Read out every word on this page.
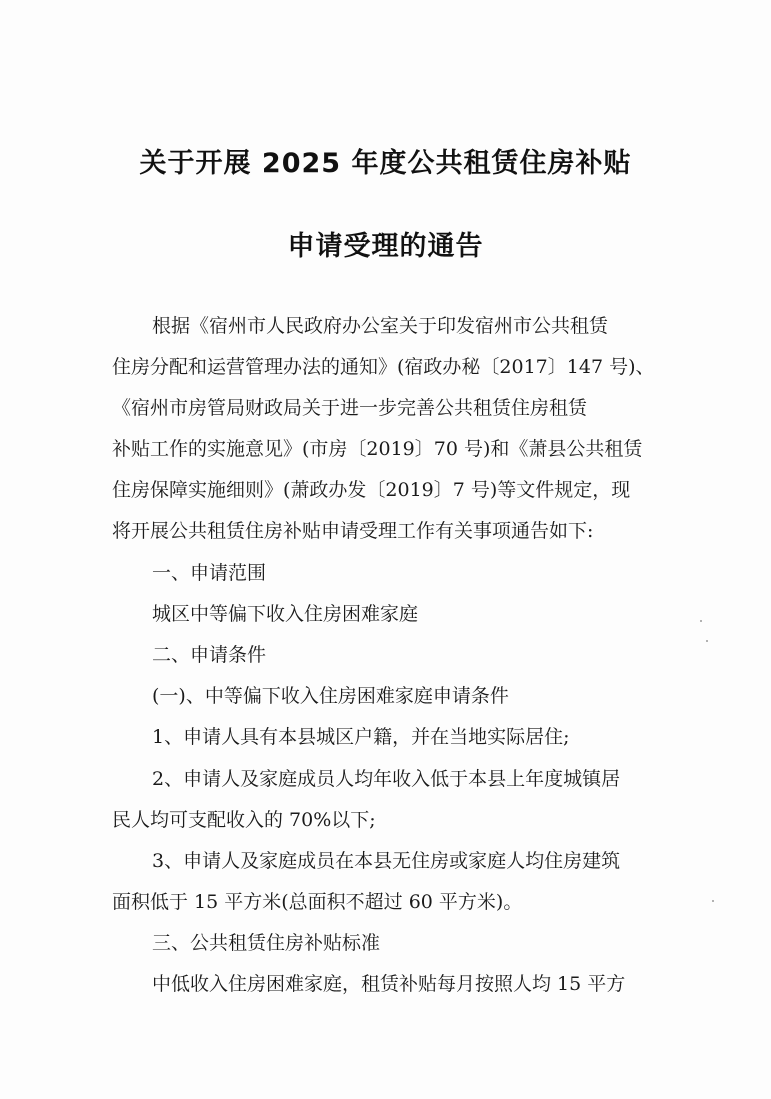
关于开展 2025 年度公共租赁住房补贴
申请受理的通告
根据《宿州市人民政府办公室关于印发宿州市公共租赁
住房分配和运营管理办法的通知》(宿政办秘〔2017〕147 号)、
《宿州市房管局财政局关于进一步完善公共租赁住房租赁
补贴工作的实施意见》(市房〔2019〕70 号)和《萧县公共租赁
住房保障实施细则》(萧政办发〔2019〕7 号)等文件规定，现
将开展公共租赁住房补贴申请受理工作有关事项通告如下:
一、申请范围
城区中等偏下收入住房困难家庭
二、申请条件
(一)、中等偏下收入住房困难家庭申请条件
1、申请人具有本县城区户籍，并在当地实际居住;
2、申请人及家庭成员人均年收入低于本县上年度城镇居
民人均可支配收入的 70%以下;
3、申请人及家庭成员在本县无住房或家庭人均住房建筑
面积低于 15 平方米(总面积不超过 60 平方米)。
三、公共租赁住房补贴标准
中低收入住房困难家庭，租赁补贴每月按照人均 15 平方
